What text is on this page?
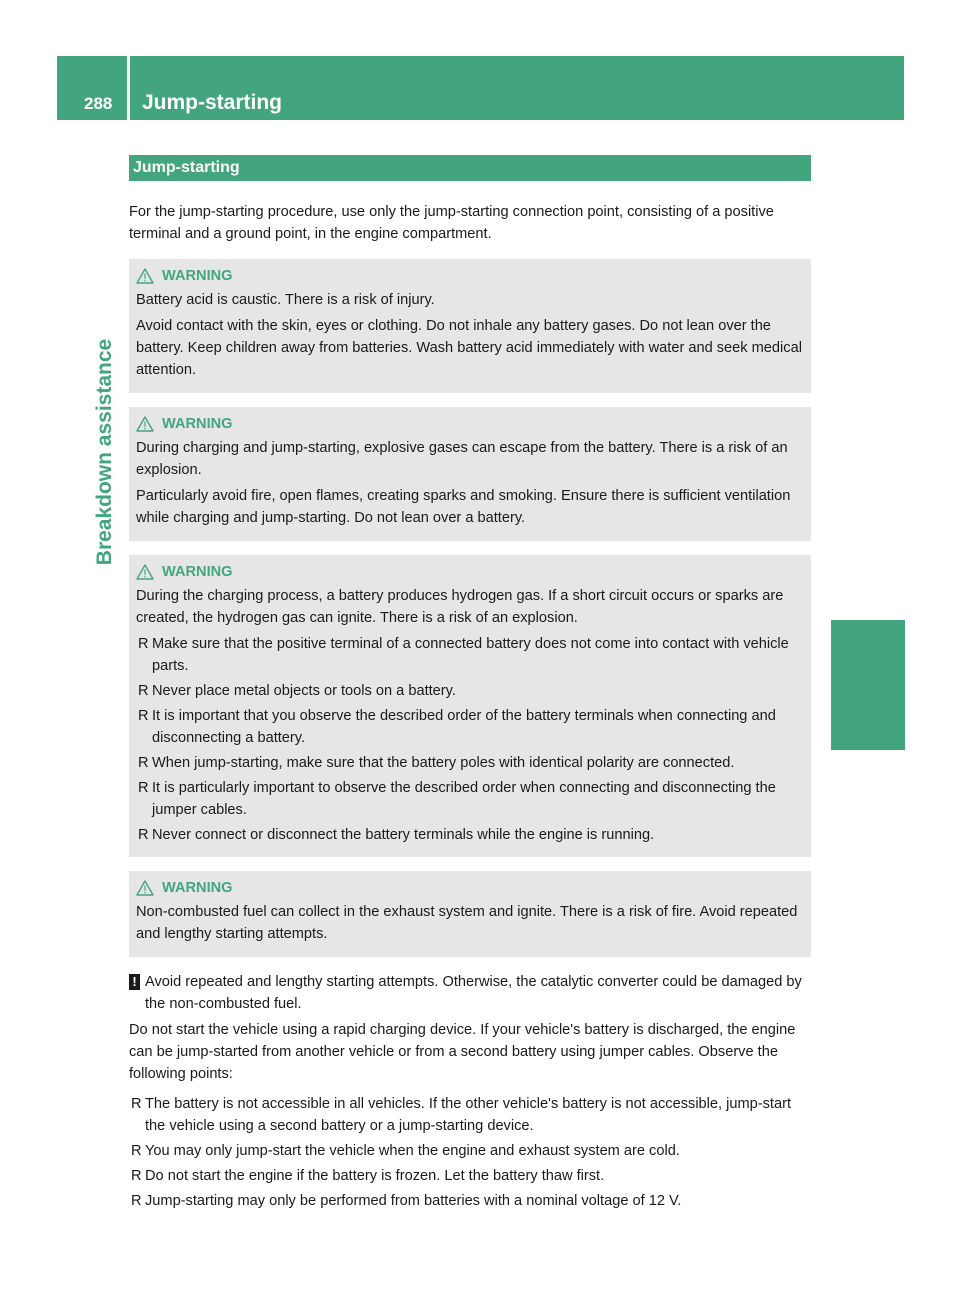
288	Jump-starting
Breakdown assistance
Jump-starting

For the jump-starting procedure, use only the jump-starting connection point, consisting of a positive terminal and a ground point, in the engine compartment.

WARNING

Battery acid is caustic. There is a risk of injury.

Avoid contact with the skin, eyes or clothing. Do not inhale any battery gases. Do not lean over the battery. Keep children away from batteries. Wash battery acid immediately with water and seek medical attention.

WARNING

During charging and jump-starting, explosive gases can escape from the battery. There is a risk of an explosion.

Particularly avoid fire, open flames, creating sparks and smoking. Ensure there is sufficient ventilation while charging and jump-starting. Do not lean over a battery.

WARNING

During the charging process, a battery produces hydrogen gas. If a short circuit occurs or sparks are created, the hydrogen gas can ignite. There is a risk of an explosion.

R Make sure that the positive terminal of a connected battery does not come into contact with vehicle parts.
R Never place metal objects or tools on a battery.
R It is important that you observe the described order of the battery terminals when connecting and disconnecting a battery.
R When jump-starting, make sure that the battery poles with identical polarity are connected.
R It is particularly important to observe the described order when connecting and disconnecting the jumper cables.
R Never connect or disconnect the battery terminals while the engine is running.
WARNING

Non-combusted fuel can collect in the exhaust system and ignite. There is a risk of fire. Avoid repeated and lengthy starting attempts.

! Avoid repeated and lengthy starting attempts. Otherwise, the catalytic converter could be damaged by the non-combusted fuel.

Do not start the vehicle using a rapid charging device. If your vehicle's battery is discharged, the engine can be jump-started from another vehicle or from a second battery using jumper cables. Observe the following points:

R The battery is not accessible in all vehicles. If the other vehicle's battery is not accessible, jump-start the vehicle using a second battery or a jump-starting device.
R You may only jump-start the vehicle when the engine and exhaust system are cold.
R Do not start the engine if the battery is frozen. Let the battery thaw first.
R Jump-starting may only be performed from batteries with a nominal voltage of 12 V.
